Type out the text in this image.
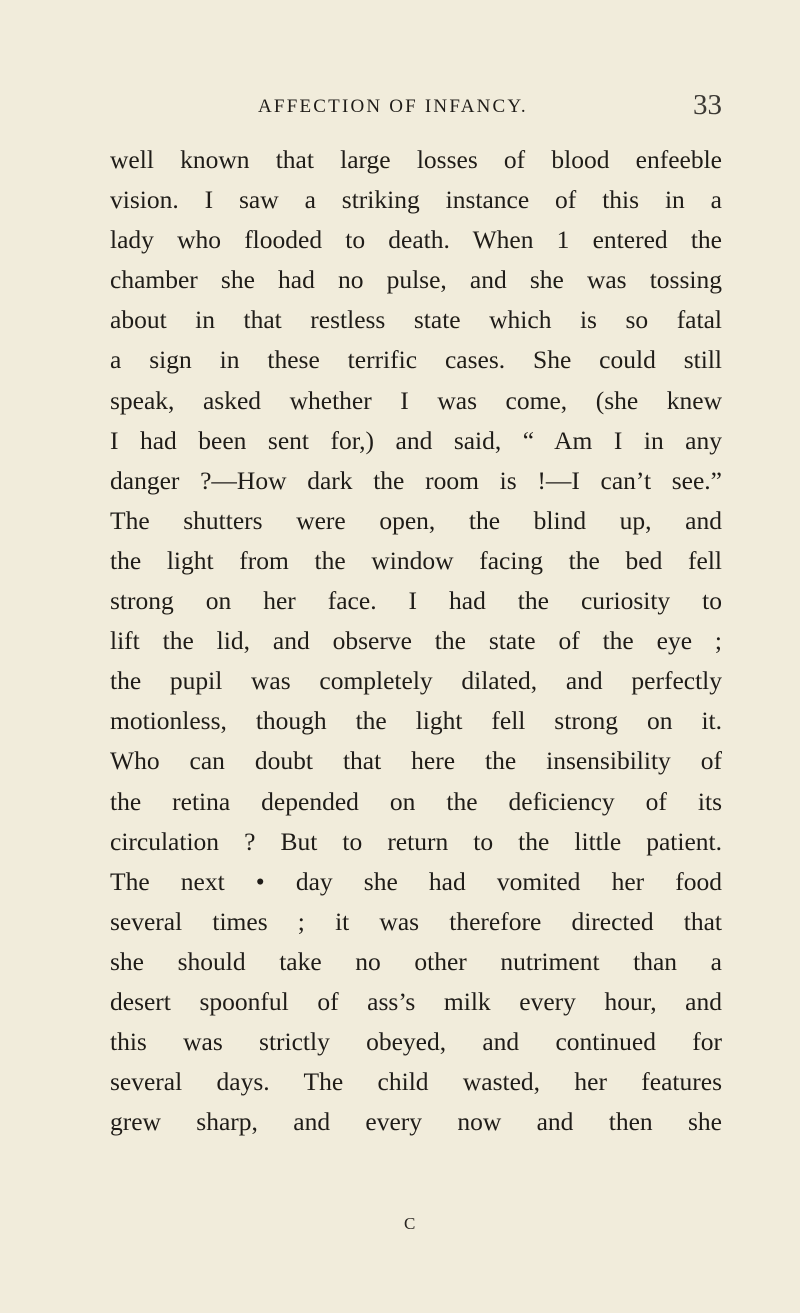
AFFECTION OF INFANCY.	33
well known that large losses of blood enfeeble
vision. I saw a striking instance of this in a
lady who flooded to death. When 1 entered the
chamber she had no pulse, and she was tossing
about in that restless state which is so fatal
a sign in these terrific cases. She could still
speak, asked whether I was come, (she knew
I had been sent for,) and said, “ Am I in any
danger ?—How dark the room is !—I can’t see.”
The shutters were open, the blind up, and
the light from the window facing the bed fell
strong on her face. I had the curiosity to
lift the lid, and observe the state of the eye ;
the pupil was completely dilated, and perfectly
motionless, though the light fell strong on it.
Who can doubt that here the insensibility of
the retina depended on the deficiency of its
circulation ? But to return to the little patient.
The next • day she had vomited her food
several times ; it was therefore directed that
she should take no other nutriment than a
desert spoonful of ass’s milk every hour, and
this was strictly obeyed, and continued for
several days. The child wasted, her features
grew sharp, and every now and then she
C
